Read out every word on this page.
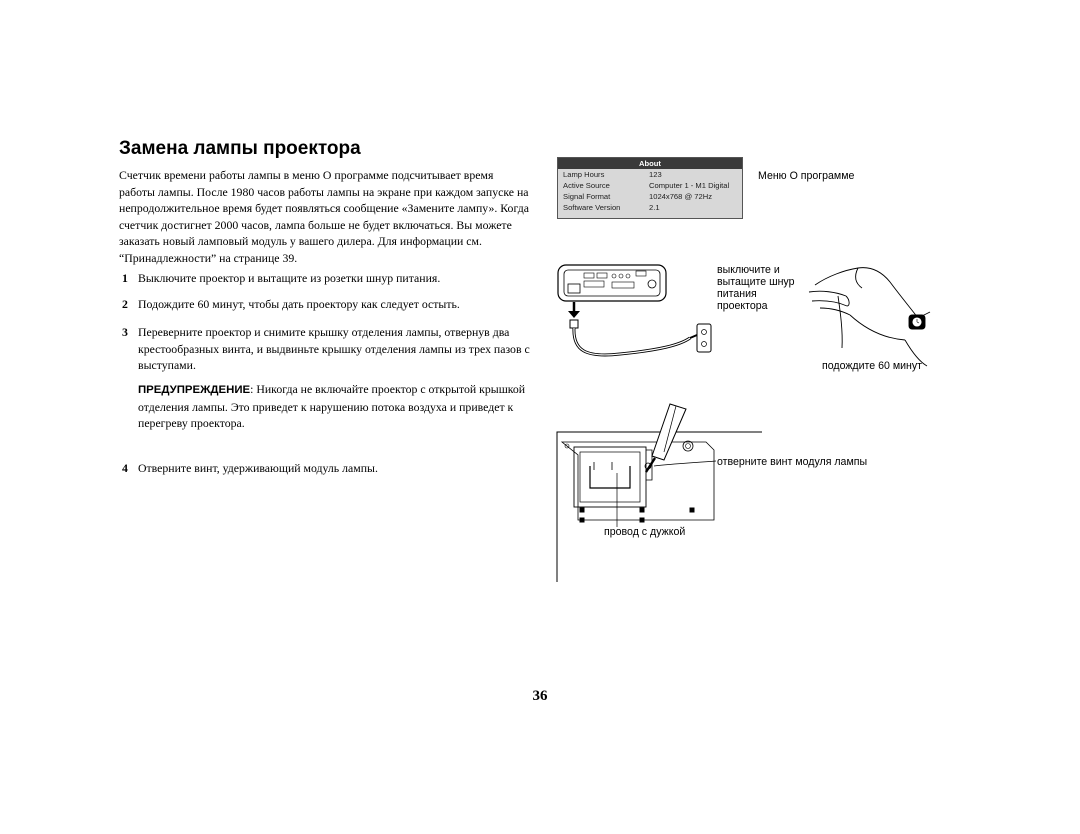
Замена лампы проектора

Счетчик времени работы лампы в меню О программе подсчитывает время работы лампы. После 1980 часов работы лампы на экране при каждом запуске на непродолжительное время будет появляться сообщение «Замените лампу». Когда счетчик достигнет 2000 часов, лампа больше не будет включаться. Вы можете заказать новый ламповый модуль у вашего дилера. Для информации см. “Принадлежности” на странице 39.

1 Выключите проектор и вытащите из розетки шнур питания.
2 Подождите 60 минут, чтобы дать проектору как следует остыть.
3 Переверните проектор и снимите крышку отделения лампы, отвернув два крестообразных винта, и выдвиньте крышку отделения лампы из трех пазов с выступами.

ПРЕДУПРЕЖДЕНИЕ: Никогда не включайте проектор с открытой крышкой отделения лампы. Это приведет к нарушению потока воздуха и приведет к перегреву проектора.

4 Отверните винт, удерживающий модуль лампы.
About
Lamp Hours	123
Active Source	Computer 1 - M1 Digital
Signal Format	1024x768 @ 72Hz
Software Version	2.1
Меню О программе
выключите и вытащите шнур питания проектора
подождите 60 минут
отверните винт модуля лампы
провод с дужкой
36
